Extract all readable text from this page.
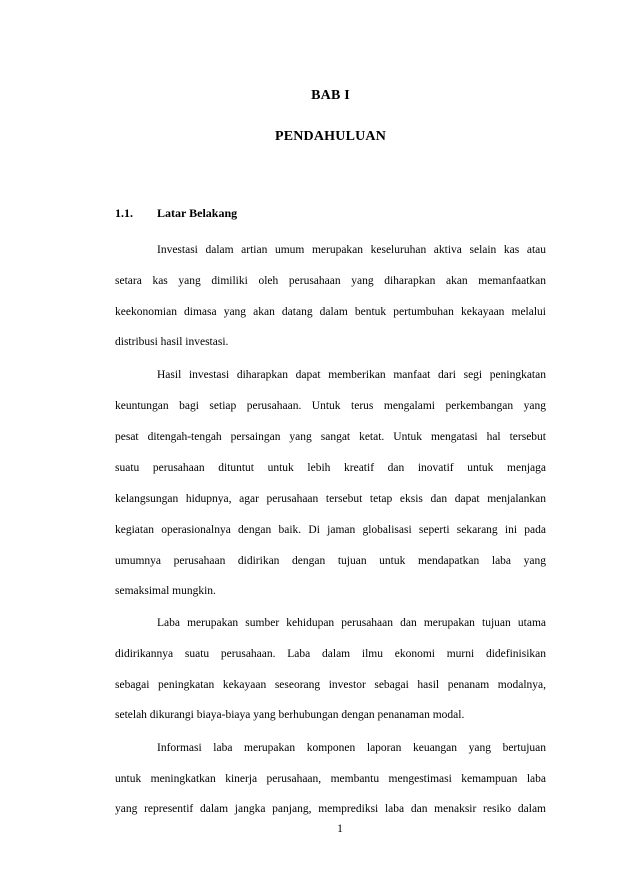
BAB I
PENDAHULUAN
1.1. Latar Belakang
Investasi dalam artian umum merupakan keseluruhan aktiva selain kas atau
setara kas yang dimiliki oleh perusahaan yang diharapkan akan memanfaatkan
keekonomian dimasa yang akan datang dalam bentuk pertumbuhan kekayaan melalui
distribusi hasil investasi.
Hasil investasi diharapkan dapat memberikan manfaat dari segi peningkatan
keuntungan bagi setiap perusahaan. Untuk terus mengalami perkembangan yang
pesat ditengah-tengah persaingan yang sangat ketat. Untuk mengatasi hal tersebut
suatu perusahaan dituntut untuk lebih kreatif dan inovatif untuk menjaga
kelangsungan hidupnya, agar perusahaan tersebut tetap eksis dan dapat menjalankan
kegiatan operasionalnya dengan baik. Di jaman globalisasi seperti sekarang ini pada
umumnya perusahaan didirikan dengan tujuan untuk mendapatkan laba yang
semaksimal mungkin.
Laba merupakan sumber kehidupan perusahaan dan merupakan tujuan utama
didirikannya suatu perusahaan. Laba dalam ilmu ekonomi murni didefinisikan
sebagai peningkatan kekayaan seseorang investor sebagai hasil penanam modalnya,
setelah dikurangi biaya-biaya yang berhubungan dengan penanaman modal.
Informasi laba merupakan komponen laporan keuangan yang bertujuan
untuk meningkatkan kinerja perusahaan, membantu mengestimasi kemampuan laba
yang representif dalam jangka panjang, memprediksi laba dan menaksir resiko dalam
1
